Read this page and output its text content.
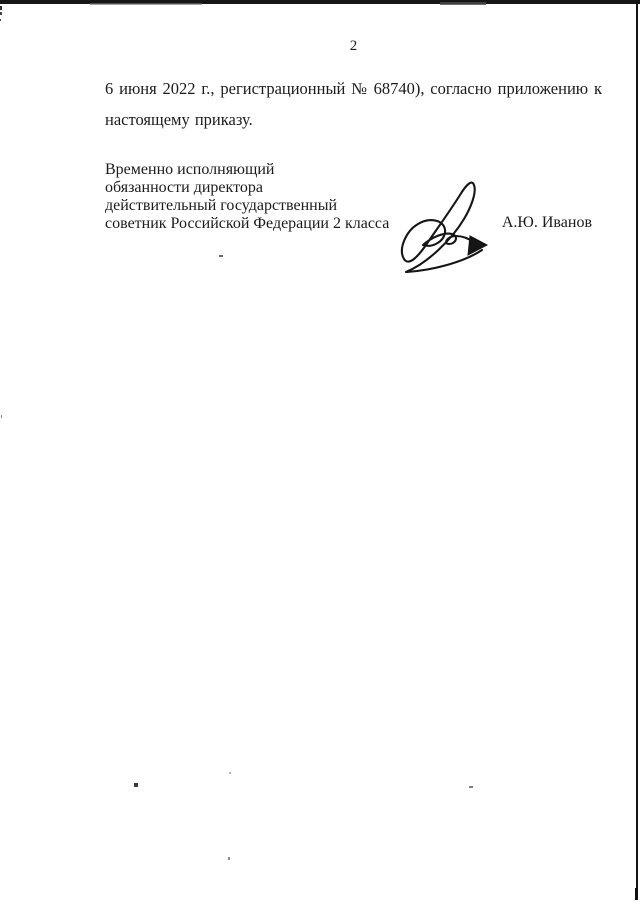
2
6 июня 2022 г., регистрационный № 68740), согласно приложению к
настоящему приказу.
Временно исполняющий
обязанности директора
действительный государственный
советник Российской Федерации 2 класса	А.Ю. Иванов
